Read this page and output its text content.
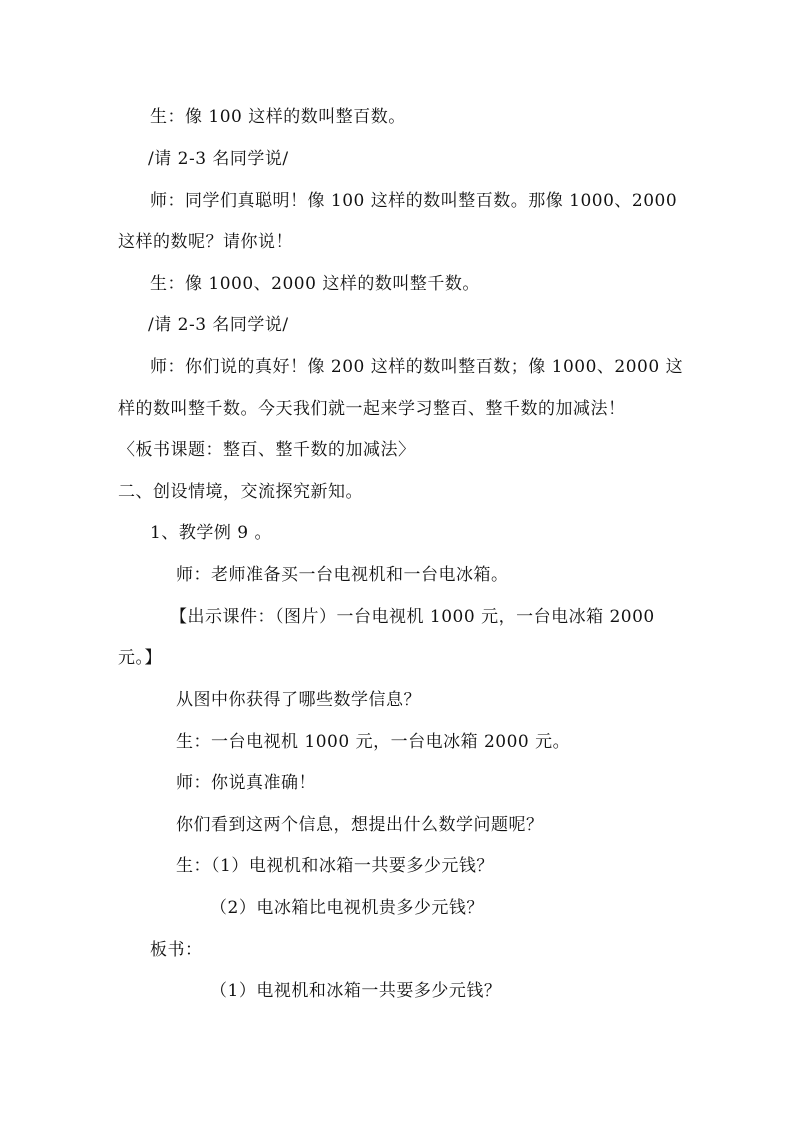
生：像 100 这样的数叫整百数。
/请 2-3 名同学说/
师：同学们真聪明！像 100 这样的数叫整百数。那像 1000、2000
这样的数呢？请你说！
生：像 1000、2000 这样的数叫整千数。
/请 2-3 名同学说/
师：你们说的真好！像 200 这样的数叫整百数；像 1000、2000 这
样的数叫整千数。今天我们就一起来学习整百、整千数的加减法！
〈板书课题：整百、整千数的加减法〉
二、创设情境，交流探究新知。
1、教学例 9 。
师：老师准备买一台电视机和一台电冰箱。
【出示课件：（图片）一台电视机 1000 元，一台电冰箱 2000
元。】
从图中你获得了哪些数学信息？
生：一台电视机 1000 元，一台电冰箱 2000 元。
师：你说真准确！
你们看到这两个信息，想提出什么数学问题呢？
生：（1）电视机和冰箱一共要多少元钱？
（2）电冰箱比电视机贵多少元钱？
板书：
（1）电视机和冰箱一共要多少元钱？
